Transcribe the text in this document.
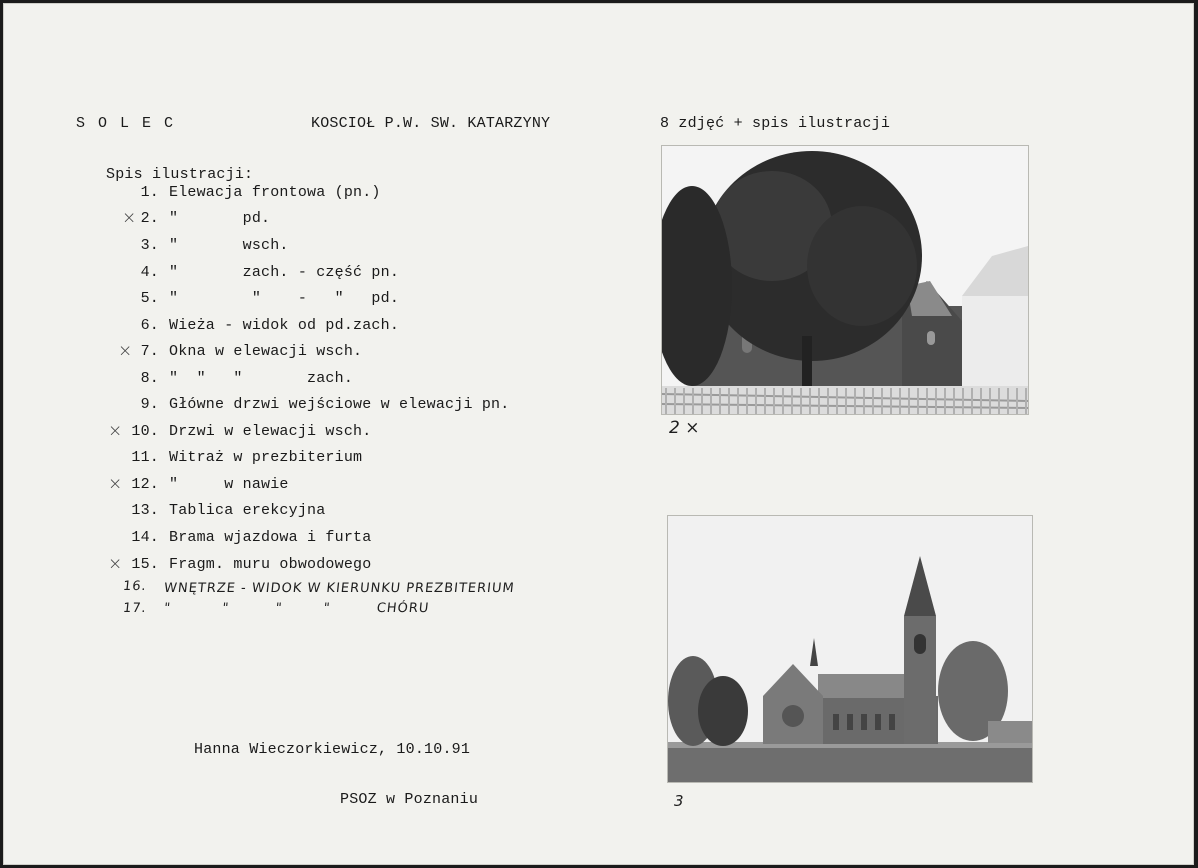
S O L E C	KOSCIOŁ P.W. SW. KATARZYNY	8 zdjęć + spis ilustracji
Spis ilustracji:
1. Elewacja frontowa (pn.)
× 2. "       pd.
3. "       wsch.
4. "       zach. - część pn.
5. "        "    -   "   pd.
6. Wieża - widok od pd.zach.
× 7. Okna w elewacji wsch.
8. "  "   "       zach.
9. Główne drzwi wejściowe w elewacji pn.
× 10. Drzwi w elewacji wsch.
11. Witraż w prezbiterium
× 12. "     w nawie
13. Tablica erekcyjna
14. Brama wjazdowa i furta
× 15. Fragm. muru obwodowego
16. WNĘTRZE - WIDOK W KIERUNKU PREZBITERIUM
17. "          "         "        "         CHÓRU
Hanna Wieczorkiewicz, 10.10.91
PSOZ w Poznaniu
2 ×
3
